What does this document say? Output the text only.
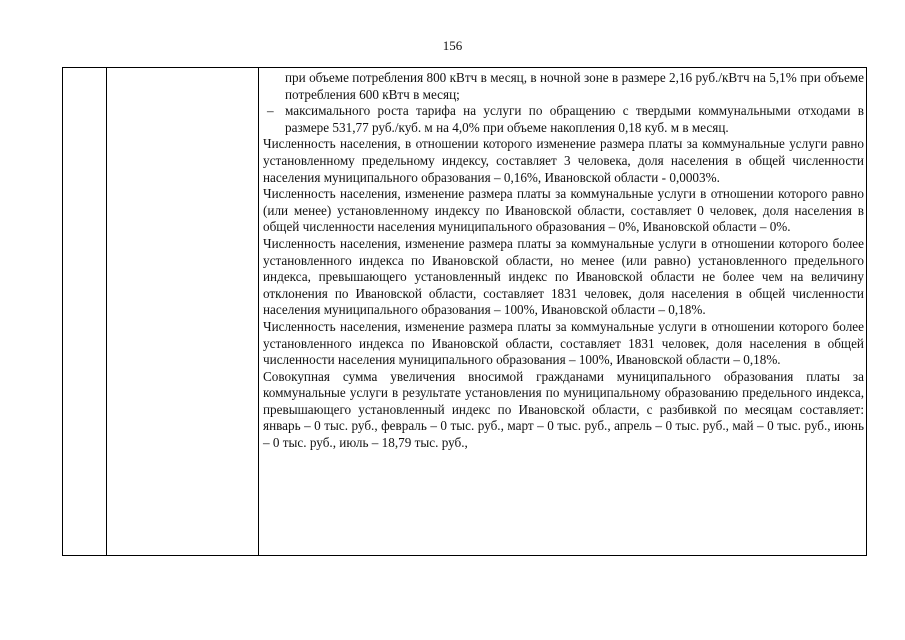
156

при объеме потребления 800 кВтч в месяц, в ночной зоне в размере 2,16 руб./кВтч на 5,1% при объеме потребления 600 кВтч в месяц;

– максимального роста тарифа на услуги по обращению с твердыми коммунальными отходами в размере 531,77 руб./куб. м на 4,0% при объеме накопления 0,18 куб. м в месяц.

Численность населения, в отношении которого изменение размера платы за коммунальные услуги равно установленному предельному индексу, составляет 3 человека, доля населения в общей численности населения муниципального образования – 0,16%, Ивановской области - 0,0003%.

Численность населения, изменение размера платы за коммунальные услуги в отношении которого равно (или менее) установленному индексу по Ивановской области, составляет 0 человек, доля населения в общей численности населения муниципального образования – 0%, Ивановской области – 0%.

Численность населения, изменение размера платы за коммунальные услуги в отношении которого более установленного индекса по Ивановской области, но менее (или равно) установленного предельного индекса, превышающего установленный индекс по Ивановской области не более чем на величину отклонения по Ивановской области, составляет 1831 человек, доля населения в общей численности населения муниципального образования – 100%, Ивановской области – 0,18%.

Численность населения, изменение размера платы за коммунальные услуги в отношении которого более установленного индекса по Ивановской области, составляет 1831 человек, доля населения в общей численности населения муниципального образования – 100%, Ивановской области – 0,18%.

Совокупная сумма увеличения вносимой гражданами муниципального образования платы за коммунальные услуги в результате установления по муниципальному образованию предельного индекса, превышающего установленный индекс по Ивановской области, с разбивкой по месяцам составляет: январь – 0 тыс. руб., февраль – 0 тыс. руб., март – 0 тыс. руб., апрель – 0 тыс. руб., май – 0 тыс. руб., июнь – 0 тыс. руб., июль – 18,79 тыс. руб.,
